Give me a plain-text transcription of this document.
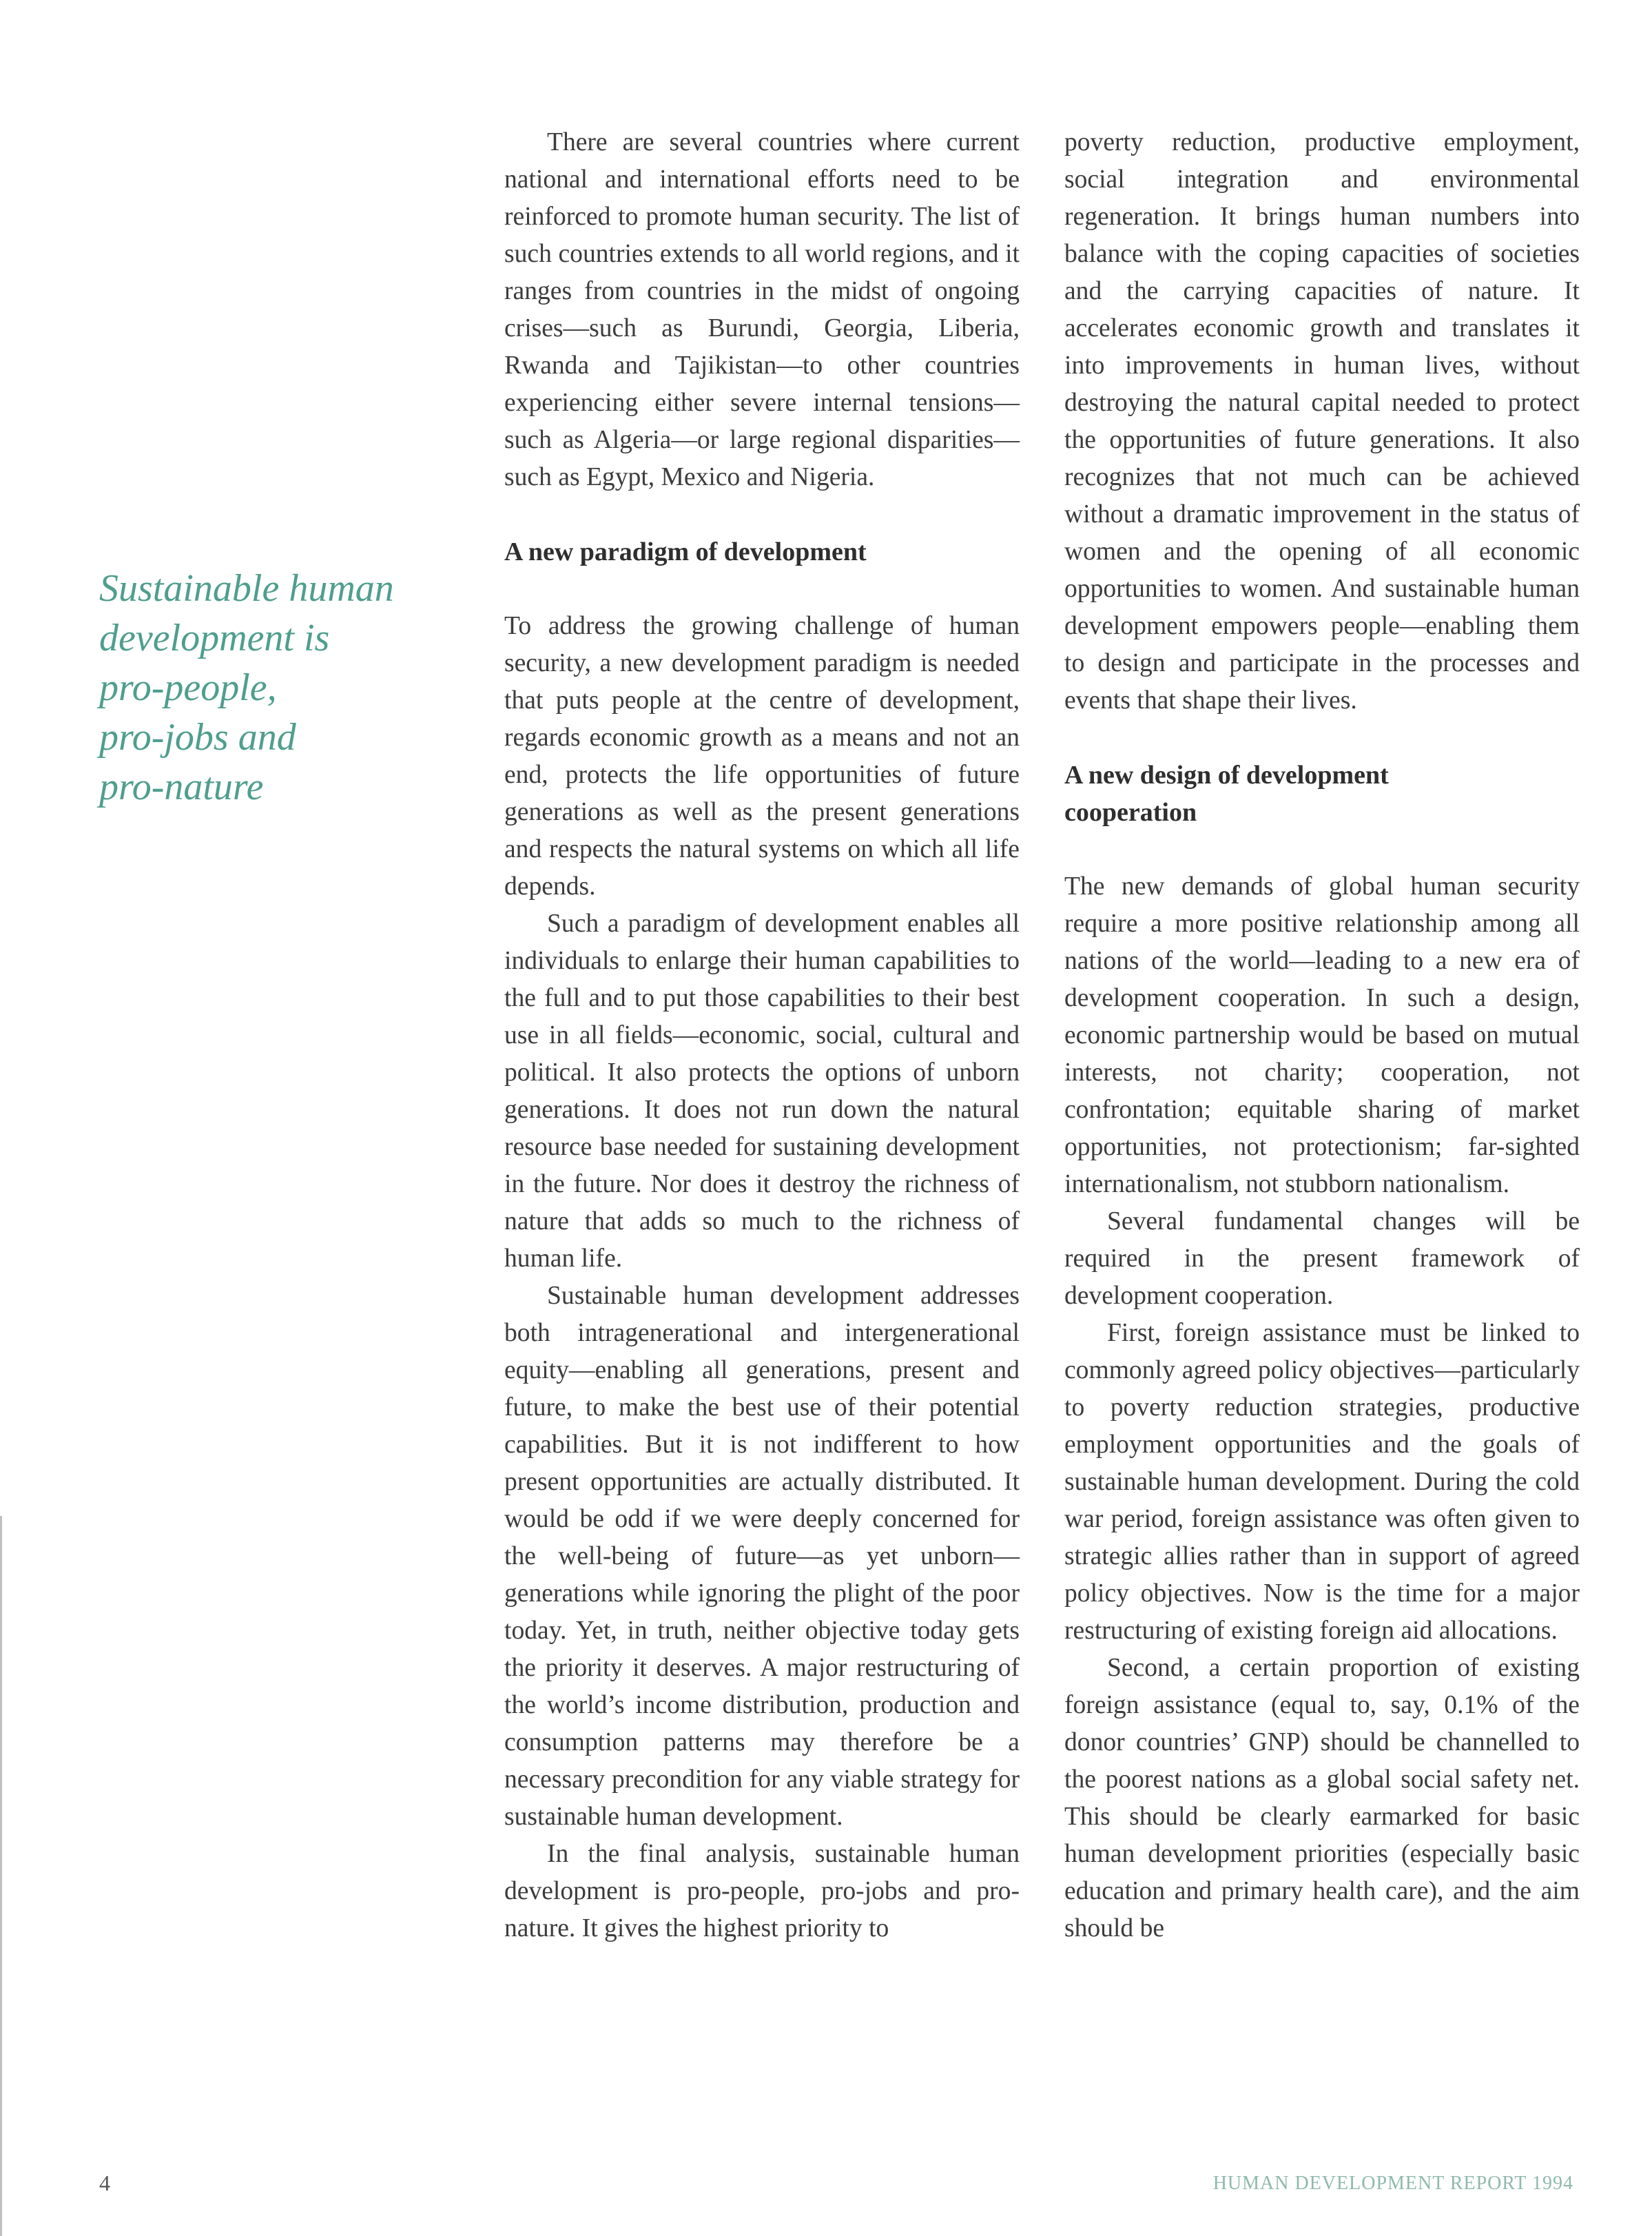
Sustainable human
development is
pro-people,
pro-jobs and
pro-nature

There are several countries where current national and international efforts need to be reinforced to promote human security. The list of such countries extends to all world regions, and it ranges from countries in the midst of ongoing crises—such as Burundi, Georgia, Liberia, Rwanda and Tajikistan—to other countries experiencing either severe internal tensions—such as Algeria—or large regional disparities—such as Egypt, Mexico and Nigeria.

A new paradigm of development

To address the growing challenge of human security, a new development paradigm is needed that puts people at the centre of development, regards economic growth as a means and not an end, protects the life opportunities of future generations as well as the present generations and respects the natural systems on which all life depends.

Such a paradigm of development enables all individuals to enlarge their human capabilities to the full and to put those capabilities to their best use in all fields—economic, social, cultural and political. It also protects the options of unborn generations. It does not run down the natural resource base needed for sustaining development in the future. Nor does it destroy the richness of nature that adds so much to the richness of human life.

Sustainable human development addresses both intragenerational and intergenerational equity—enabling all generations, present and future, to make the best use of their potential capabilities. But it is not indifferent to how present opportunities are actually distributed. It would be odd if we were deeply concerned for the well-being of future—as yet unborn—generations while ignoring the plight of the poor today. Yet, in truth, neither objective today gets the priority it deserves. A major restructuring of the world’s income distribution, production and consumption patterns may therefore be a necessary precondition for any viable strategy for sustainable human development.

In the final analysis, sustainable human development is pro-people, pro-jobs and pro-nature. It gives the highest priority to

poverty reduction, productive employment, social integration and environmental regeneration. It brings human numbers into balance with the coping capacities of societies and the carrying capacities of nature. It accelerates economic growth and translates it into improvements in human lives, without destroying the natural capital needed to protect the opportunities of future generations. It also recognizes that not much can be achieved without a dramatic improvement in the status of women and the opening of all economic opportunities to women. And sustainable human development empowers people—enabling them to design and participate in the processes and events that shape their lives.

A new design of development
cooperation

The new demands of global human security require a more positive relationship among all nations of the world—leading to a new era of development cooperation. In such a design, economic partnership would be based on mutual interests, not charity; cooperation, not confrontation; equitable sharing of market opportunities, not protectionism; far-sighted internationalism, not stubborn nationalism.

Several fundamental changes will be required in the present framework of development cooperation.

First, foreign assistance must be linked to commonly agreed policy objectives—particularly to poverty reduction strategies, productive employment opportunities and the goals of sustainable human development. During the cold war period, foreign assistance was often given to strategic allies rather than in support of agreed policy objectives. Now is the time for a major restructuring of existing foreign aid allocations.

Second, a certain proportion of existing foreign assistance (equal to, say, 0.1% of the donor countries’ GNP) should be channelled to the poorest nations as a global social safety net. This should be clearly earmarked for basic human development priorities (especially basic education and primary health care), and the aim should be

4	HUMAN DEVELOPMENT REPORT 1994
